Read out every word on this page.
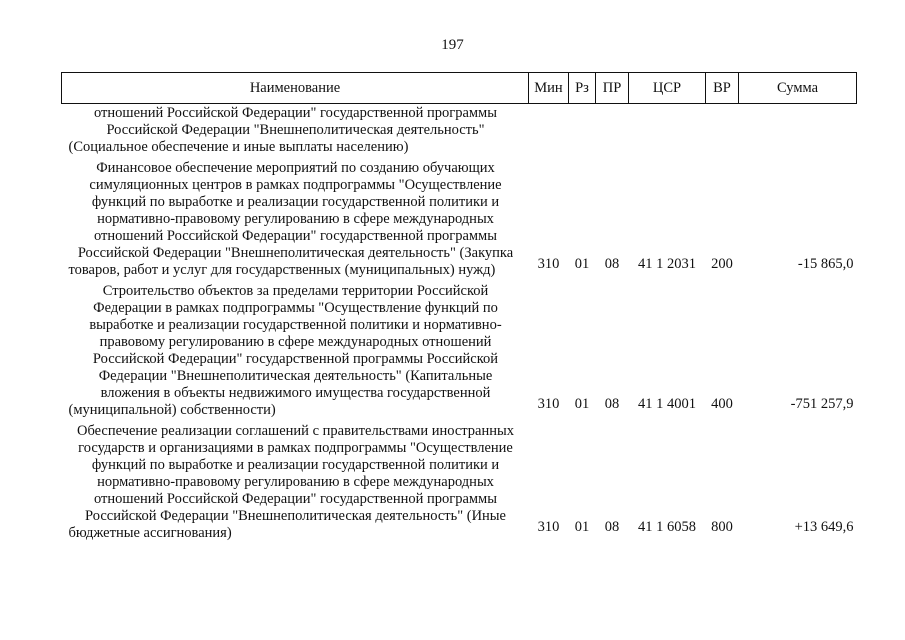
197
Наименование	Мин	Рз	ПР	ЦСР	ВР	Сумма
отношений Российской Федерации" государственной программы Российской Федерации "Внешнеполитическая деятельность" (Социальное обеспечение и иные выплаты населению)						
Финансовое обеспечение мероприятий по созданию обучающих симуляционных центров в рамках подпрограммы "Осуществление функций по выработке и реализации государственной политики и нормативно-правовому регулированию в сфере международных отношений Российской Федерации" государственной программы Российской Федерации "Внешнеполитическая деятельность" (Закупка товаров, работ и услуг для государственных (муниципальных) нужд)	310	01	08	41 1 2031	200	-15 865,0
Строительство объектов за пределами территории Российской Федерации в рамках подпрограммы "Осуществление функций по выработке и реализации государственной политики и нормативно-правовому регулированию в сфере международных отношений Российской Федерации" государственной программы Российской Федерации "Внешнеполитическая деятельность" (Капитальные вложения в объекты недвижимого имущества государственной (муниципальной) собственности)	310	01	08	41 1 4001	400	-751 257,9
Обеспечение реализации соглашений с правительствами иностранных государств и организациями в рамках подпрограммы "Осуществление функций по выработке и реализации государственной политики и нормативно-правовому регулированию в сфере международных отношений Российской Федерации" государственной программы Российской Федерации "Внешнеполитическая деятельность" (Иные бюджетные ассигнования)	310	01	08	41 1 6058	800	+13 649,6
